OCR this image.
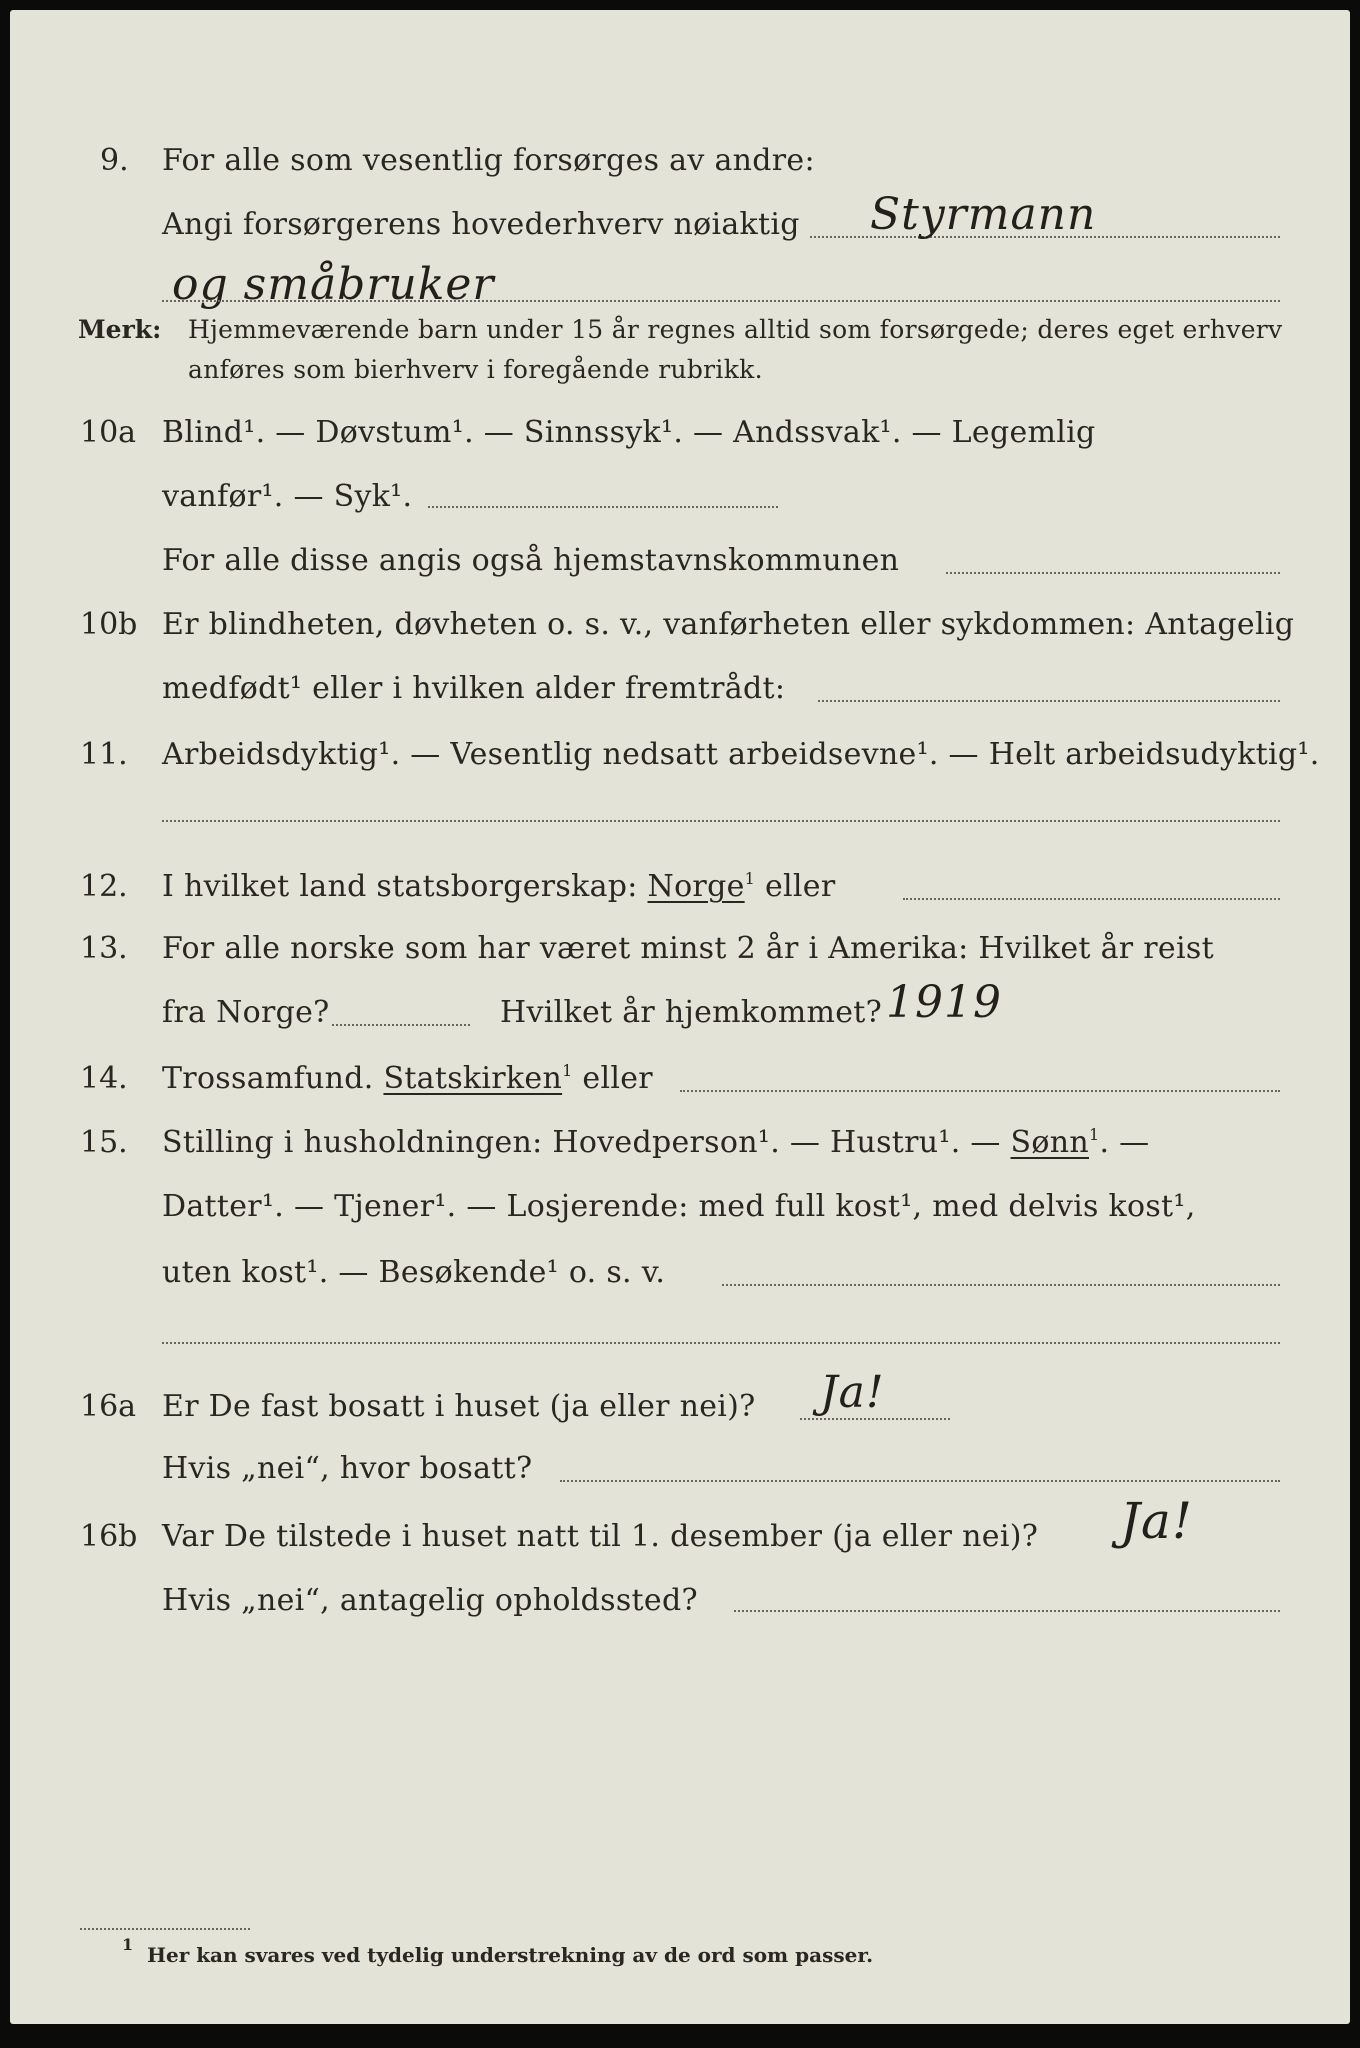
9. For alle som vesentlig forsørges av andre:
Angi forsørgerens hovederhverv nøiaktig Styrmann
og småbruker
Merk: Hjemmeværende barn under 15 år regnes alltid som forsørgede; deres eget erhverv
anføres som bierhverv i foregående rubrikk.
10a Blind¹. — Døvstum¹. — Sinnssyk¹. — Andssvak¹. — Legemlig
vanfør¹. — Syk¹.
For alle disse angis også hjemstavnskommunen
10b Er blindheten, døvheten o. s. v., vanførheten eller sykdommen: Antagelig
medfødt¹ eller i hvilken alder fremtrådt:
11. Arbeidsdyktig¹. — Vesentlig nedsatt arbeidsevne¹. — Helt arbeidsudyktig¹.
12. I hvilket land statsborgerskap: Norge$^1$ eller
13. For alle norske som har været minst 2 år i Amerika: Hvilket år reist
fra Norge?	Hvilket år hjemkommet? 1919
14. Trossamfund. Statskirken$^1$ eller
15. Stilling i husholdningen: Hovedperson¹. — Hustru¹. — Sønn$^1$. —
Datter¹. — Tjener¹. — Losjerende: med full kost¹, med delvis kost¹,
uten kost¹. — Besøkende¹ o. s. v.
16a Er De fast bosatt i huset (ja eller nei)? Ja!
Hvis „nei“, hvor bosatt?
16b Var De tilstede i huset natt til 1. desember (ja eller nei)? Ja!
Hvis „nei“, antagelig opholdssted?
$^1$ Her kan svares ved tydelig understrekning av de ord som passer.
